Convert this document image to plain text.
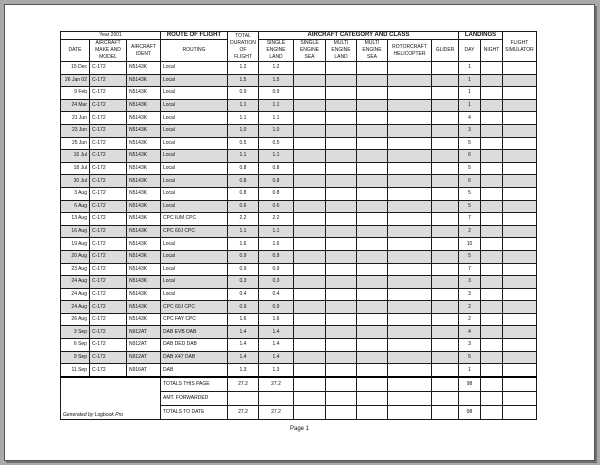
Year 2001			ROUTE OF FLIGHT	TOTAL DURATION OF FLIGHT	AIRCRAFT CATEGORY AND CLASS						LANDINGS		FLIGHT SIMULATOR
DATE	AIRCRAFT MAKE AND MODEL	AIRCRAFT IDENT	ROUTING		SINGLE ENGINE LAND	SINGLE ENGINE SEA	MULTI ENGINE LAND	MULTI ENGINE SEA	ROTORCRAFT HELICOPTER	GLIDER	DAY	NIGHT	
15 Dec	C-172	N5143K	Local	1.2	1.2						1		
26 Jan 02	C-172	N5143K	Local	1.5	1.5						1		
9 Feb	C-172	N5143K	Local	0.9	0.9						1		
24 Mar	C-172	N5143K	Local	1.1	1.1						1		
21 Jun	C-172	N5143K	Local	1.1	1.1						4		
23 Jun	C-172	N5143K	Local	1.0	1.0						3		
25 Jun	C-172	N5143K	Local	0.5	0.5						5		
16 Jul	C-172	N5143K	Local	1.1	1.1						6		
18 Jul	C-172	N5143K	Local	0.8	0.8						5		
30 Jul	C-172	N5143K	Local	0.8	0.8						6		
3 Aug	C-172	N5143K	Local	0.8	0.8						5		
6 Aug	C-172	N5143K	Local	0.6	0.6						5		
13 Aug	C-172	N5143K	CPC IUM CPC	2.2	2.2						7		
16 Aug	C-172	N5143K	CPC 60J CPC	1.1	1.1						2		
19 Aug	C-172	N5143K	Local	1.6	1.6						10		
20 Aug	C-172	N5143K	Local	0.9	0.9						5		
23 Aug	C-172	N5143K	Local	0.9	0.9						7		
24 Aug	C-172	N5143K	Local	0.3	0.3						3		
24 Aug	C-172	N5143K	Local	0.4	0.4						3		
24 Aug	C-172	N5143K	CPC 60J CPC	0.9	0.9						2		
26 Aug	C-172	N5143K	CPC FAY CPC	1.6	1.6						2		
3 Sep	C-172	N912AT	DAB EVB DAB	1.4	1.4						4		
6 Sep	C-172	N912AT	DAB DED DAB	1.4	1.4						3		
9 Sep	C-172	N912AT	DAB X47 DAB	1.4	1.4						5		
11 Sep	C-172	N916AT	DAB	1.3	1.3						1		
Generated by Logbook Pro			TOTALS THIS PAGE	27.2	27.2						98		
			AMT. FORWARDED										
			TOTALS TO DATE	27.2	27.2						98		
Page 1
